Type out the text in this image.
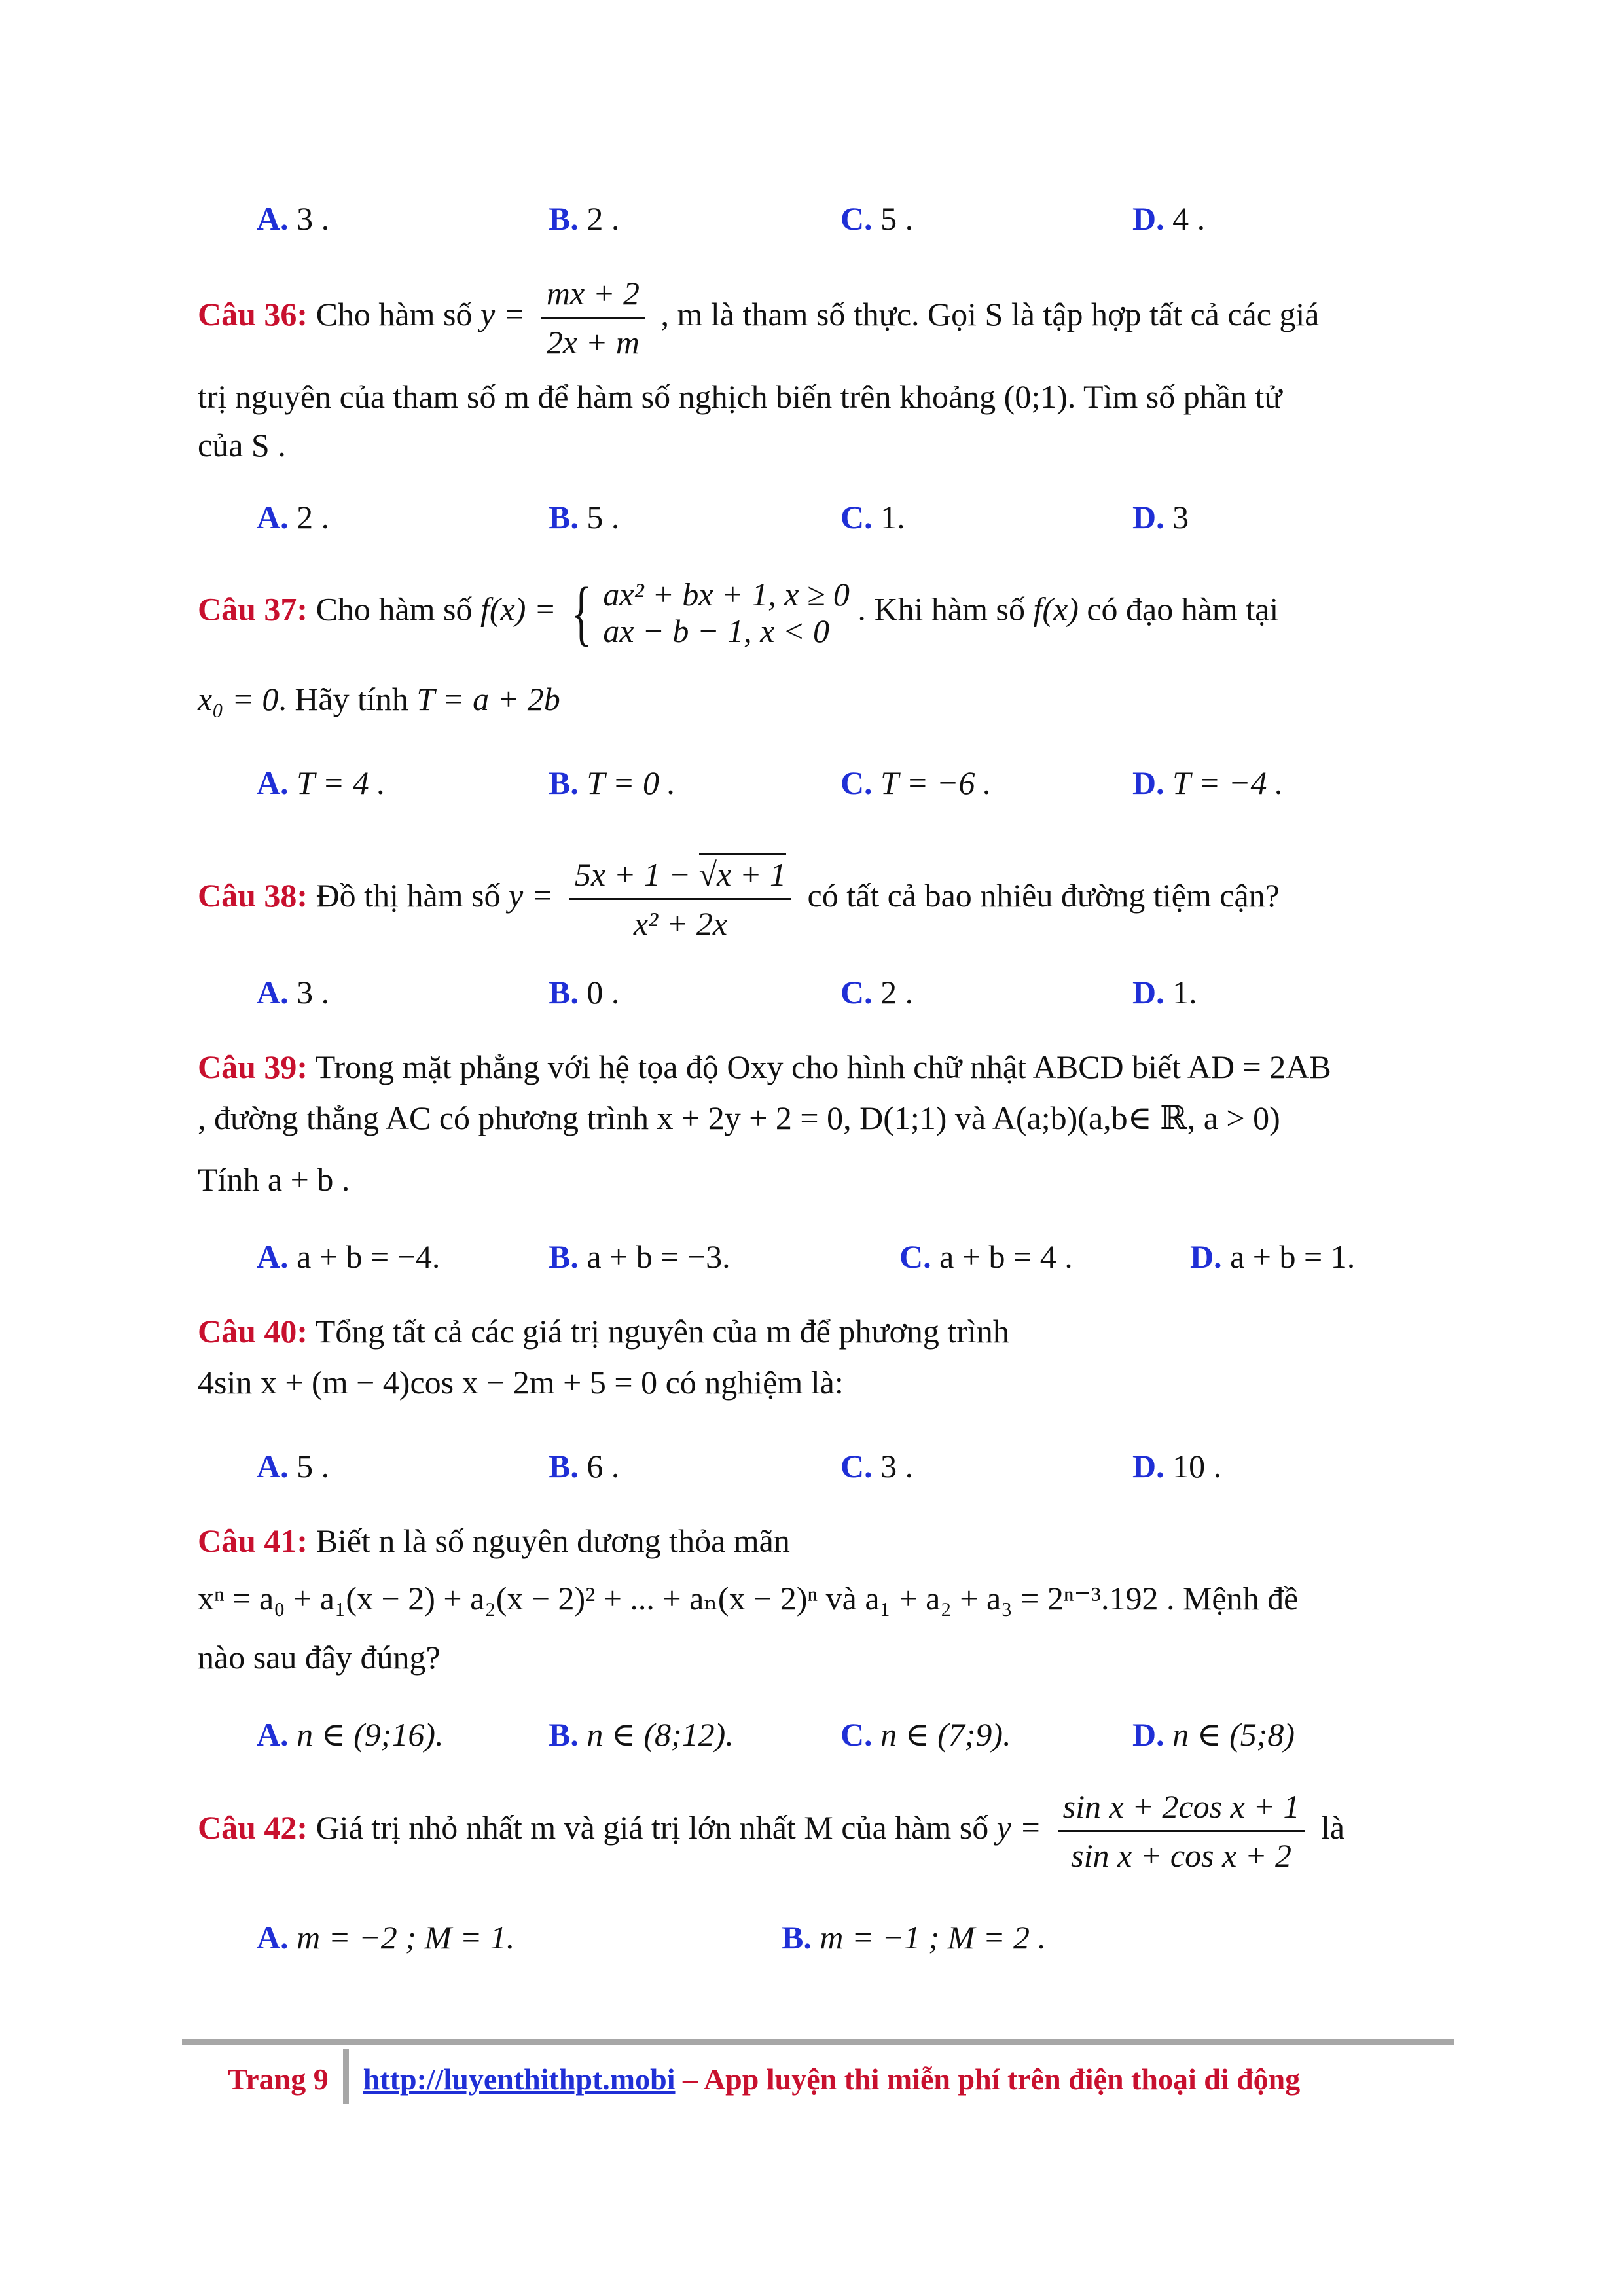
A. 3 .	B. 2 .	C. 5 .	D. 4 .
Câu 36: Cho hàm số $y = \frac{mx + 2}{2x + m}$ , m là tham số thực. Gọi S là tập hợp tất cả các giá
trị nguyên của tham số m để hàm số nghịch biến trên khoảng (0;1). Tìm số phần tử
của S .
A. 2 .	B. 5 .	C. 1.	D. 3
Câu 37: Cho hàm số f(x) = { ax² + bx + 1, x ≥ 0
ax − b − 1, x < 0
. Khi hàm số f(x) có đạo hàm tại
x₀ = 0. Hãy tính T = a + 2b
A. T = 4 .	B. T = 0 .	C. T = −6 .	D. T = −4 .
Câu 38: Đồ thị hàm số $y = \frac{5x + 1 - √x + 1}{\text{x² + 2x}}$ có tất cả bao nhiêu đường tiệm cận?
A. 3 .	B. 0 .	C. 2 .	D. 1.
Câu 39: Trong mặt phẳng với hệ tọa độ Oxy cho hình chữ nhật ABCD biết AD = 2AB
, đường thẳng AC có phương trình x + 2y + 2 = 0, D(1;1) và A(a;b)(a,b∈ ℝ, a > 0)
Tính a + b .
A. a + b = −4.	B. a + b = −3.	C. a + b = 4 .	D. a + b = 1.
Câu 40: Tổng tất cả các giá trị nguyên của m để phương trình
4sin x + (m − 4)cos x − 2m + 5 = 0 có nghiệm là:
A. 5 .	B. 6 .	C. 3 .	D. 10 .
Câu 41: Biết n là số nguyên dương thỏa mãn
xⁿ = a₀ + a₁(x − 2) + a₂(x − 2)² + ... + aₙ(x − 2)ⁿ và a₁ + a₂ + a₃ = 2ⁿ⁻³.192 . Mệnh đề
nào sau đây đúng?
A. n ∈ (9;16).	B. n ∈ (8;12).	C. n ∈ (7;9).	D. n ∈ (5;8)
Câu 42: Giá trị nhỏ nhất m và giá trị lớn nhất M của hàm số $y = \frac{\text{sin x + 2cos x + 1}}{\text{sin x + cos x + 2}}$ là
A. m = −2 ; M = 1.	B. m = −1 ; M = 2 .
Trang 9 http://luyenthithpt.mobi – App luyện thi miễn phí trên điện thoại di động
